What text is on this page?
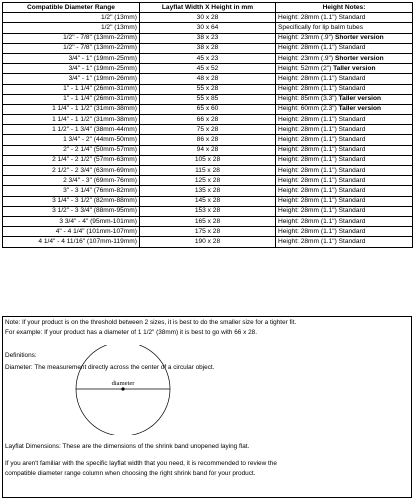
Compatible Diameter Range	Layflat Width X Height in mm	Height Notes:
1/2" (13mm)	30 x 28	Height: 28mm (1.1") Standard
1/2" (13mm)	30 x 64	Specifically for lip balm tubes
1/2" - 7/8" (13mm-22mm)	38 x 23	Height: 23mm (.9") Shorter version
1/2" - 7/8" (13mm-22mm)	38 x 28	Height: 28mm (1.1") Standard
3/4" - 1" (19mm-25mm)	45 x 23	Height: 23mm (.9") Shorter version
3/4" - 1" (19mm-25mm)	45 x 52	Height: 52mm (2") Taller version
3/4" - 1" (19mm-26mm)	48 x 28	Height: 28mm (1.1") Standard
1" - 1 1/4" (26mm-31mm)	55 x 28	Height: 28mm (1.1") Standard
1" - 1 1/4" (26mm-31mm)	55 x 85	Height: 85mm (3.3") Taller version
1 1/4" - 1 1/2" (31mm-38mm)	65 x 60	Height: 60mm (2.3") Taller version
1 1/4" - 1 1/2" (31mm-38mm)	66 x 28	Height: 28mm (1.1") Standard
1 1/2" - 1 3/4" (38mm-44mm)	75 x 28	Height: 28mm (1.1") Standard
1 3/4" - 2" (44mm-50mm)	86 x 28	Height: 28mm (1.1") Standard
2" - 2 1/4" (50mm-57mm)	94 x 28	Height: 28mm (1.1") Standard
2 1/4" - 2 1/2" (57mm-63mm)	105 x 28	Height: 28mm (1.1") Standard
2 1/2" - 2 3/4" (63mm-69mm)	115 x 28	Height: 28mm (1.1") Standard
2 3/4" - 3" (69mm-76mm)	125 x 28	Height: 28mm (1.1") Standard
3" - 3 1/4" (76mm-82mm)	135 x 28	Height: 28mm (1.1") Standard
3 1/4" - 3 1/2" (82mm-88mm)	145 x 28	Height: 28mm (1.1") Standard
3 1/2" - 3 3/4" (88mm-95mm)	153 x 28	Height: 28mm (1.1") Standard
3 3/4" - 4" (95mm-101mm)	165 x 28	Height: 28mm (1.1") Standard
4" - 4 1/4" (101mm-107mm)	175 x 28	Height: 28mm (1.1") Standard
4 1/4" - 4 11/16" (107mm-119mm)	190 x 28	Height: 28mm (1.1") Standard

Note: If your product is on the threshold between 2 sizes, it is best to do the smaller size for a tighter fit.

For example: If your product has a diameter of 1 1/2" (38mm) it is best to go with 66 x 28.

Definitions:

Diameter: The measurement directly across the center of a circular object.

Layflat Dimensions: These are the dimensions of the shrink band unopened laying flat.

If you aren't familiar with the specific layflat width that you need, it is recommended to review the

compatible diameter range column when choosing the right shrink band for your product.

diameter
